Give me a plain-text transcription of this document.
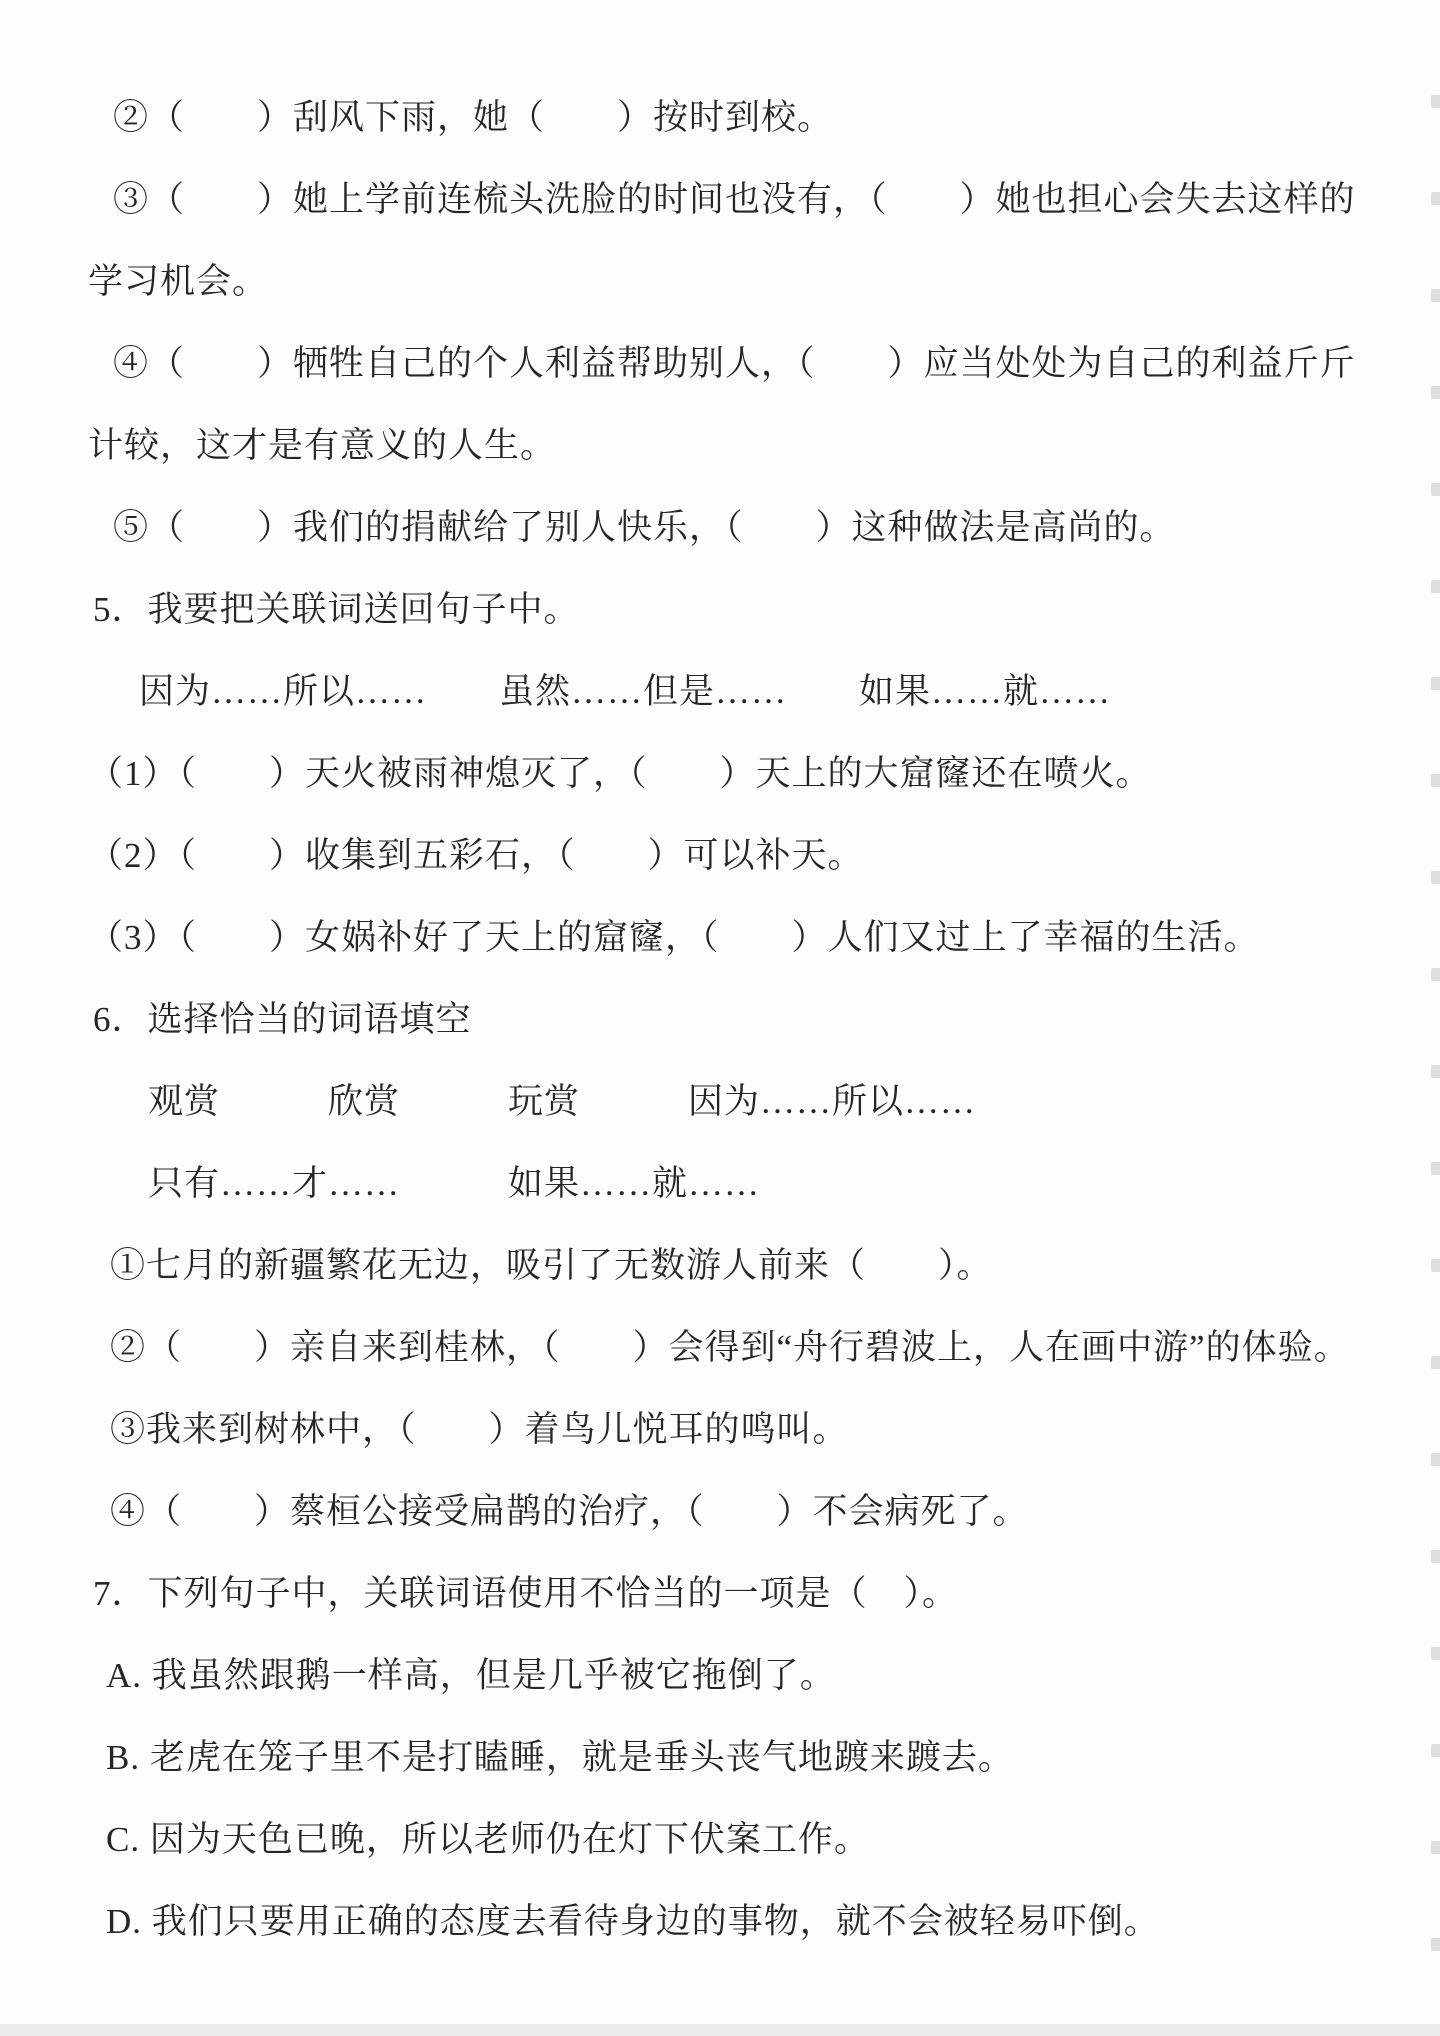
②（　　）刮风下雨，她（　　）按时到校。
③（　　）她上学前连梳头洗脸的时间也没有，（　　）她也担心会失去这样的
学习机会。
④（　　）牺牲自己的个人利益帮助别人，（　　）应当处处为自己的利益斤斤
计较，这才是有意义的人生。
⑤（　　）我们的捐献给了别人快乐，（　　）这种做法是高尚的。
5．我要把关联词送回句子中。
因为……所以……　　虽然……但是……　　如果……就……
（1）（　　）天火被雨神熄灭了，（　　）天上的大窟窿还在喷火。
（2）（　　）收集到五彩石，（　　）可以补天。
（3）（　　）女娲补好了天上的窟窿，（　　）人们又过上了幸福的生活。
6．选择恰当的词语填空
观赏　　　欣赏　　　玩赏　　　因为……所以……
只有……才……　　　如果……就……
①七月的新疆繁花无边，吸引了无数游人前来（　　）。
②（　　）亲自来到桂林，（　　）会得到“舟行碧波上，人在画中游”的体验。
③我来到树林中，（　　）着鸟儿悦耳的鸣叫。
④（　　）蔡桓公接受扁鹊的治疗，（　　）不会病死了。
7．下列句子中，关联词语使用不恰当的一项是（　）。
A. 我虽然跟鹅一样高，但是几乎被它拖倒了。
B. 老虎在笼子里不是打瞌睡，就是垂头丧气地踱来踱去。
C. 因为天色已晚，所以老师仍在灯下伏案工作。
D. 我们只要用正确的态度去看待身边的事物，就不会被轻易吓倒。
